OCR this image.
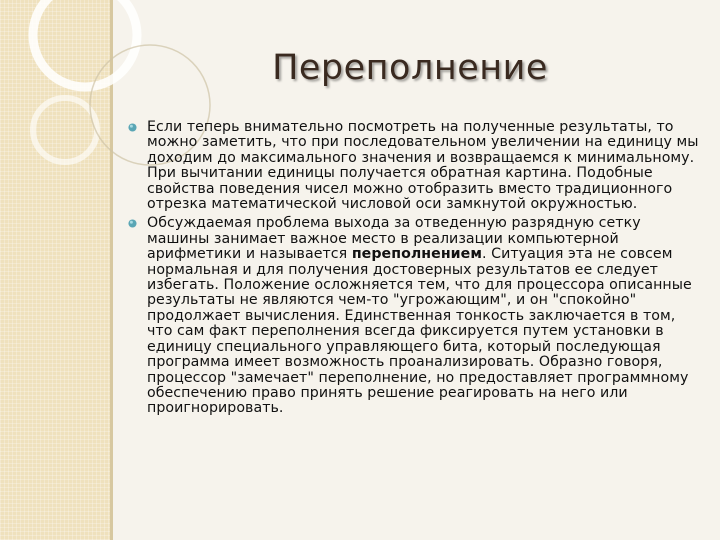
Переполнение

Если теперь внимательно посмотреть на полученные результаты, то можно заметить, что при последовательном увеличении на единицу мы доходим до максимального значения и возвращаемся к минимальному. При вычитании единицы получается обратная картина. Подобные свойства поведения чисел можно отобразить вместо традиционного отрезка математической числовой оси замкнутой окружностью.

Обсуждаемая проблема выхода за отведенную разрядную сетку машины занимает важное место в реализации компьютерной арифметики и называется переполнением. Ситуация эта не совсем нормальная и для получения достоверных результатов ее следует избегать. Положение осложняется тем, что для процессора описанные результаты не являются чем-то "угрожающим", и он "спокойно" продолжает вычисления. Единственная тонкость заключается в том, что сам факт переполнения всегда фиксируется путем установки в единицу специального управляющего бита, который последующая программа имеет возможность проанализировать. Образно говоря, процессор "замечает" переполнение, но предоставляет программному обеспечению право принять решение реагировать на него или проигнорировать.
